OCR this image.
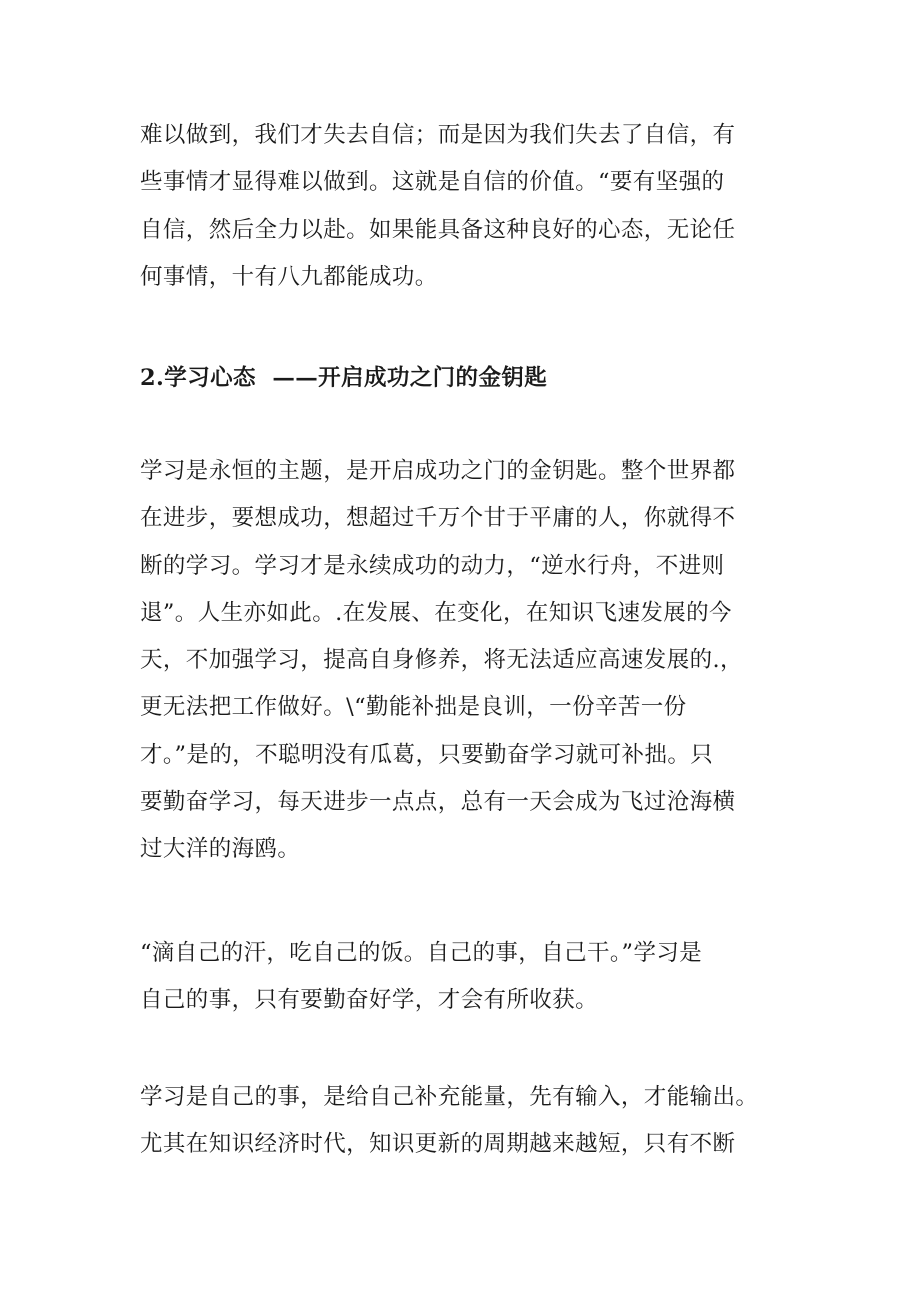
难以做到，我们才失去自信；而是因为我们失去了自信，有
些事情才显得难以做到。这就是自信的价值。“要有坚强的
自信，然后全力以赴。如果能具备这种良好的心态，无论任
何事情，十有八九都能成功。

2.学习心态  ——开启成功之门的金钥匙

学习是永恒的主题，是开启成功之门的金钥匙。整个世界都
在进步，要想成功，想超过千万个甘于平庸的人，你就得不
断的学习。学习才是永续成功的动力，“逆水行舟，不进则
退”。人生亦如此。.在发展、在变化，在知识飞速发展的今
天，不加强学习，提高自身修养，将无法适应高速发展的.，
更无法把工作做好。\“勤能补拙是良训，一份辛苦一份
才。”是的，不聪明没有瓜葛，只要勤奋学习就可补拙。只
要勤奋学习，每天进步一点点，总有一天会成为飞过沧海横
过大洋的海鸥。

“滴自己的汗，吃自己的饭。自己的事，自己干。”学习是
自己的事，只有要勤奋好学，才会有所收获。

学习是自己的事，是给自己补充能量，先有输入，才能输出。
尤其在知识经济时代，知识更新的周期越来越短，只有不断
